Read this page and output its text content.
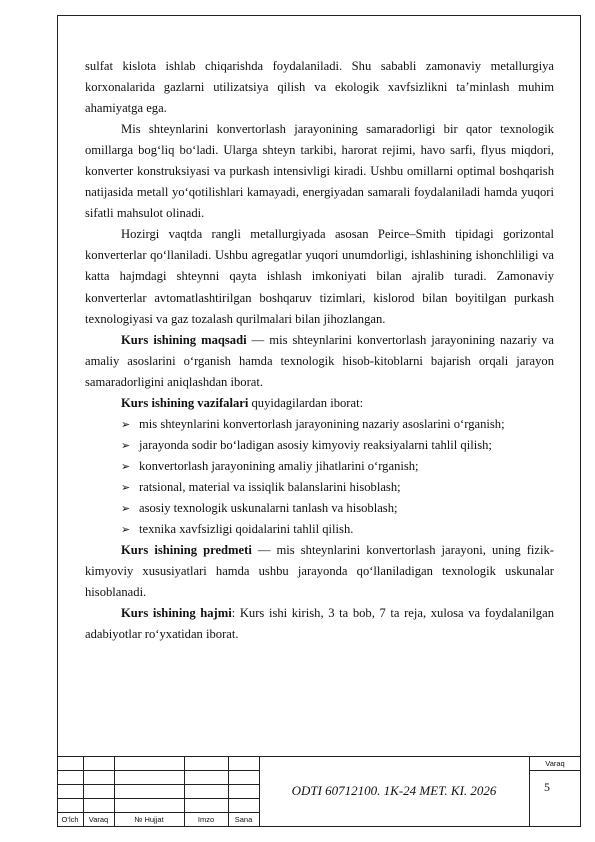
sulfat kislota ishlab chiqarishda foydalaniladi. Shu sababli zamonaviy metallurgiya korxonalarida gazlarni utilizatsiya qilish va ekologik xavfsizlikni ta’minlash muhim ahamiyatga ega.

Mis shteynlarini konvertorlash jarayonining samaradorligi bir qator texnologik omillarga bog‘liq bo‘ladi. Ularga shteyn tarkibi, harorat rejimi, havo sarfi, flyus miqdori, konverter konstruksiyasi va purkash intensivligi kiradi. Ushbu omillarni optimal boshqarish natijasida metall yo‘qotilishlari kamayadi, energiyadan samarali foydalaniladi hamda yuqori sifatli mahsulot olinadi.

Hozirgi vaqtda rangli metallurgiyada asosan Peirce–Smith tipidagi gorizontal konverterlar qo‘llaniladi. Ushbu agregatlar yuqori unumdorligi, ishlashining ishonchliligi va katta hajmdagi shteynni qayta ishlash imkoniyati bilan ajralib turadi. Zamonaviy konverterlar avtomatlashtirilgan boshqaruv tizimlari, kislorod bilan boyitilgan purkash texnologiyasi va gaz tozalash qurilmalari bilan jihozlangan.

Kurs ishining maqsadi — mis shteynlarini konvertorlash jarayonining nazariy va amaliy asoslarini o‘rganish hamda texnologik hisob-kitoblarni bajarish orqali jarayon samaradorligini aniqlashdan iborat.

Kurs ishining vazifalari quyidagilardan iborat:

➢ mis shteynlarini konvertorlash jarayonining nazariy asoslarini o‘rganish;
➢ jarayonda sodir bo‘ladigan asosiy kimyoviy reaksiyalarni tahlil qilish;
➢ konvertorlash jarayonining amaliy jihatlarini o‘rganish;
➢ ratsional, material va issiqlik balanslarini hisoblash;
➢ asosiy texnologik uskunalarni tanlash va hisoblash;
➢ texnika xavfsizligi qoidalarini tahlil qilish.

Kurs ishining predmeti — mis shteynlarini konvertorlash jarayoni, uning fizik-kimyoviy xususiyatlari hamda ushbu jarayonda qo‘llaniladigan texnologik uskunalar hisoblanadi.

Kurs ishining hajmi: Kurs ishi kirish, 3 ta bob, 7 ta reja, xulosa va foydalanilgan adabiyotlar ro‘yxatidan iborat.

O‘lch	Varaq	№ Hujjat	Imzo	Sana
ODTI 60712100. 1K-24 MET. KI. 2026
Varaq
5
